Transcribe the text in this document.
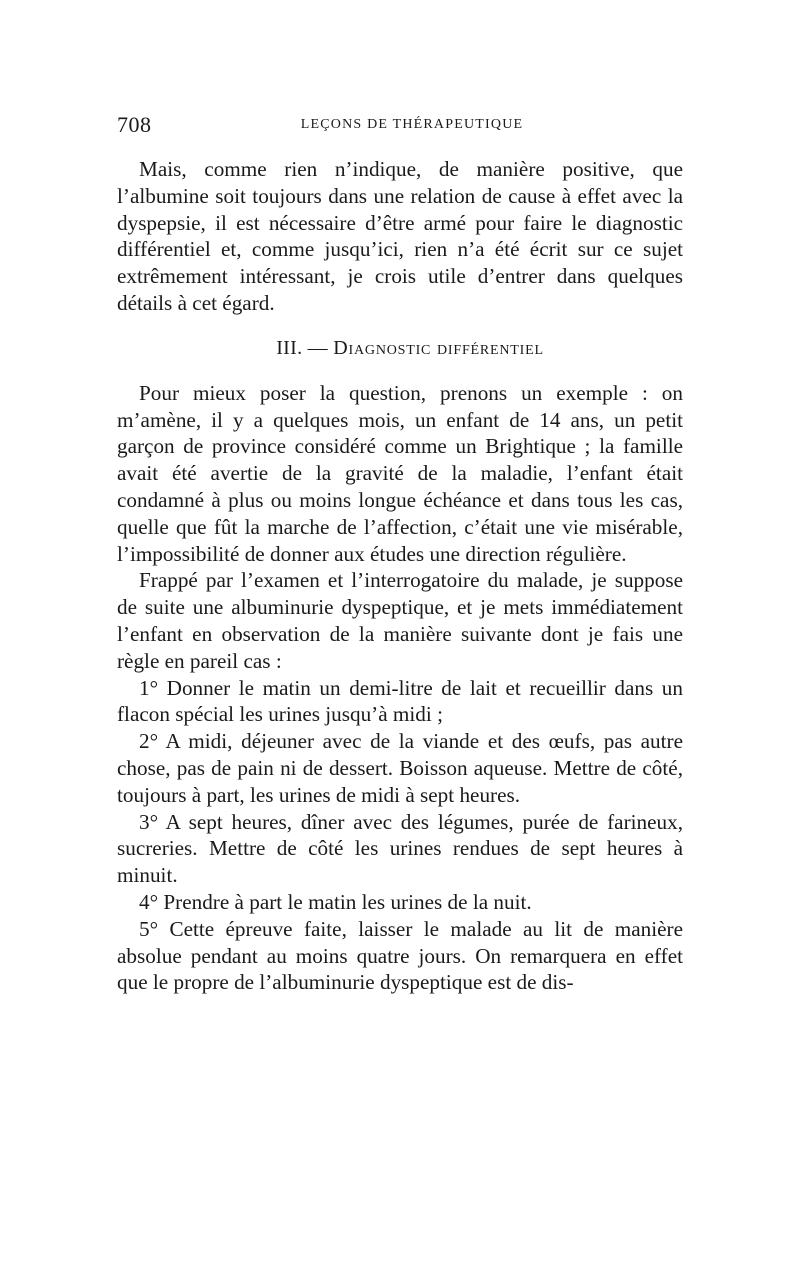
708	LEÇONS DE THÉRAPEUTIQUE

Mais, comme rien n’indique, de manière positive, que l’albumine soit toujours dans une relation de cause à effet avec la dyspepsie, il est nécessaire d’être armé pour faire le diagnostic différentiel et, comme jusqu’ici, rien n’a été écrit sur ce sujet extrêmement intéressant, je crois utile d’entrer dans quelques détails à cet égard.

III. — Diagnostic différentiel

Pour mieux poser la question, prenons un exemple : on m’amène, il y a quelques mois, un enfant de 14 ans, un petit garçon de province considéré comme un Brightique ; la famille avait été avertie de la gravité de la maladie, l’enfant était condamné à plus ou moins longue échéance et dans tous les cas, quelle que fût la marche de l’affection, c’était une vie misérable, l’impossibilité de donner aux études une direction régulière.

Frappé par l’examen et l’interrogatoire du malade, je suppose de suite une albuminurie dyspeptique, et je mets immédiatement l’enfant en observation de la manière suivante dont je fais une règle en pareil cas :

1° Donner le matin un demi-litre de lait et recueillir dans un flacon spécial les urines jusqu’à midi ;

2° A midi, déjeuner avec de la viande et des œufs, pas autre chose, pas de pain ni de dessert. Boisson aqueuse. Mettre de côté, toujours à part, les urines de midi à sept heures.

3° A sept heures, dîner avec des légumes, purée de farineux, sucreries. Mettre de côté les urines rendues de sept heures à minuit.

4° Prendre à part le matin les urines de la nuit.

5° Cette épreuve faite, laisser le malade au lit de manière absolue pendant au moins quatre jours. On remarquera en effet que le propre de l’albuminurie dyspeptique est de dis-
